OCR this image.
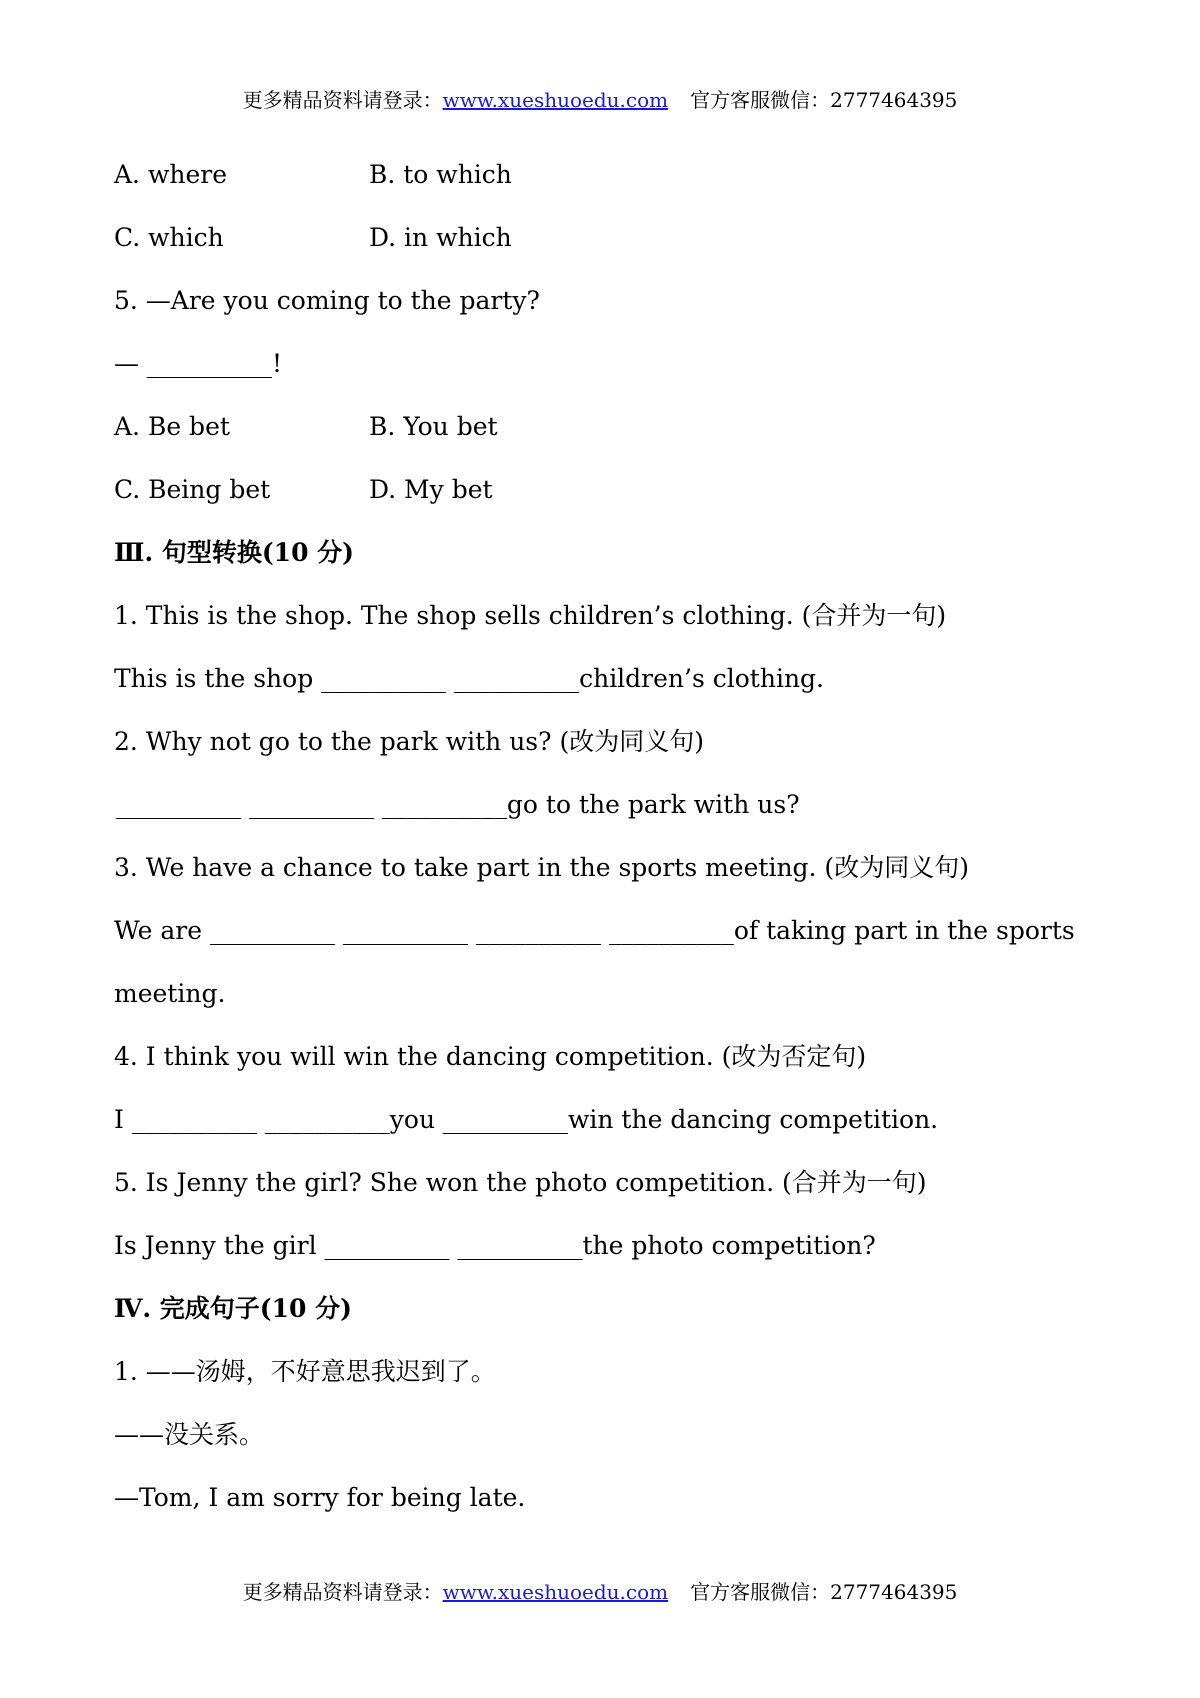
更多精品资料请登录：www.xueshuoedu.com 官方客服微信：2777464395
A. where	B. to which
C. which	D. in which
5. —Are you coming to the party?
— __________!
A. Be bet	B. You bet
C. Being bet	D. My bet
Ⅲ. 句型转换(10 分)
1. This is the shop. The shop sells children’s clothing. (合并为一句)
This is the shop __________ __________children’s clothing.
2. Why not go to the park with us? (改为同义句)
__________ __________ __________go to the park with us?
3. We have a chance to take part in the sports meeting. (改为同义句)
We are __________ __________ __________ __________of taking part in the sports
meeting.
4. I think you will win the dancing competition. (改为否定句)
I __________ __________you __________win the dancing competition.
5. Is Jenny the girl? She won the photo competition. (合并为一句)
Is Jenny the girl __________ __________the photo competition?
Ⅳ. 完成句子(10 分)
1. ——汤姆，不好意思我迟到了。
——没关系。
—Tom, I am sorry for being late.
更多精品资料请登录：www.xueshuoedu.com 官方客服微信：2777464395
